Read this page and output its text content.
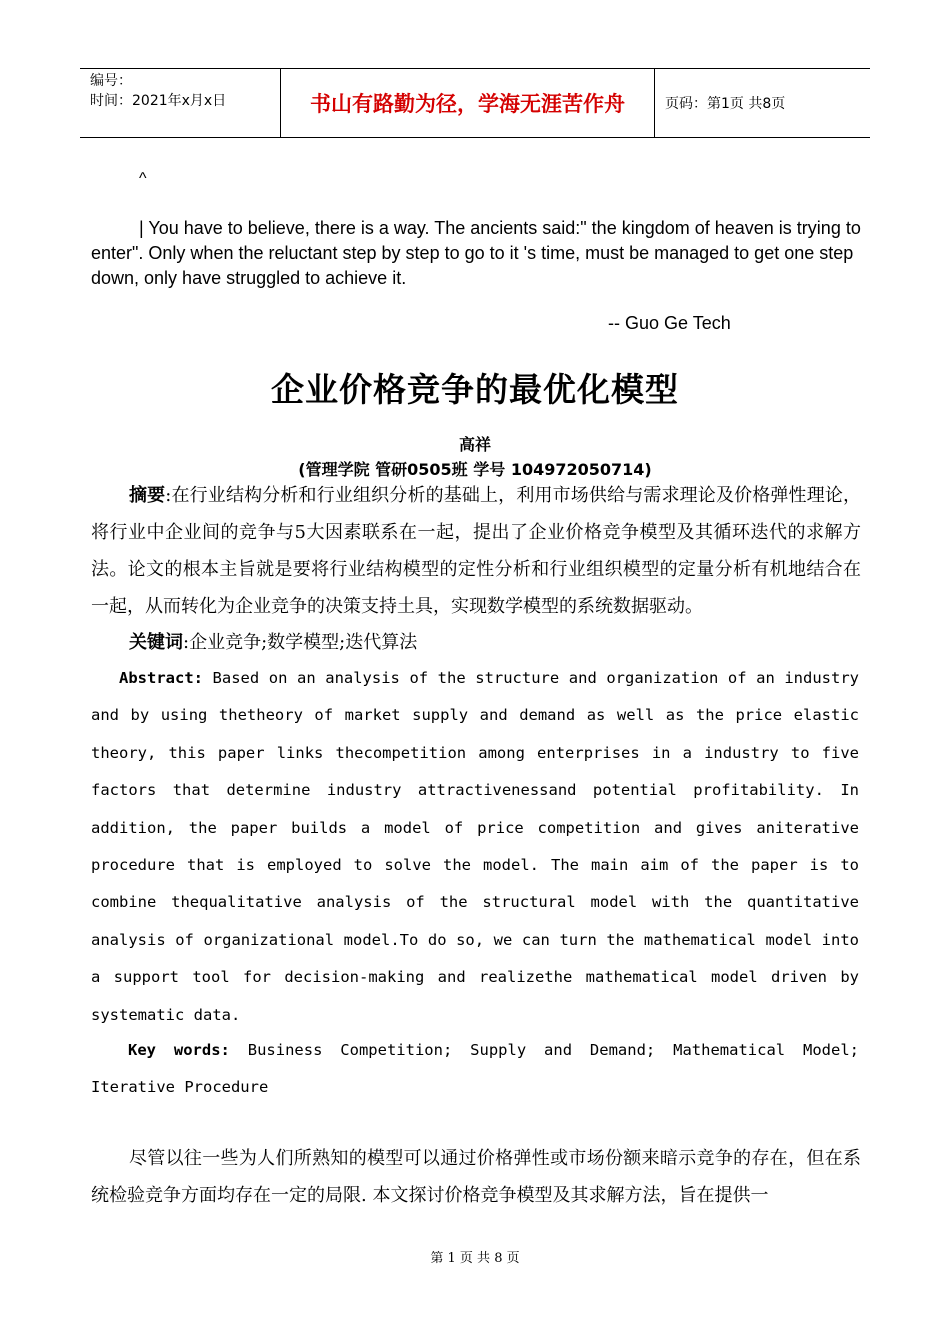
编号：
时间：2021年x月x日	书山有路勤为径，学海无涯苦作舟	页码：第1页 共8页
^

| You have to believe, there is a way. The ancients said:" the kingdom of heaven is trying to enter". Only when the reluctant step by step to go to it 's time, must be managed to get one step down, only have struggled to achieve it.

-- Guo Ge Tech
企业价格竞争的最优化模型
高祥
(管理学院 管研0505班 学号 104972050714)

摘要:在行业结构分析和行业组织分析的基础上，利用市场供给与需求理论及价格弹性理论，将行业中企业间的竞争与5大因素联系在一起，提出了企业价格竞争模型及其循环迭代的求解方法。论文的根本主旨就是要将行业结构模型的定性分析和行业组织模型的定量分析有机地结合在一起，从而转化为企业竞争的决策支持土具，实现数学模型的系统数据驱动。

关键词:企业竞争;数学模型;迭代算法

Abstract: Based on an analysis of the structure and organization of an industry and by using thetheory of market supply and demand as well as the price elastic theory, this paper links thecompetition among enterprises in a industry to five factors that determine industry attractivenessand potential profitability. In addition, the paper builds a model of price competition and gives aniterative procedure that is employed to solve the model. The main aim of the paper is to combine thequalitative analysis of the structural model with the quantitative analysis of organizational model.To do so, we can turn the mathematical model into a support tool for decision-making and realizethe mathematical model driven by systematic data.

Key words: Business Competition; Supply and Demand; Mathematical Model; Iterative Procedure

尽管以往一些为人们所熟知的模型可以通过价格弹性或市场份额来暗示竞争的存在，但在系统检验竞争方面均存在一定的局限. 本文探讨价格竞争模型及其求解方法，旨在提供一

第 1 页 共 8 页
